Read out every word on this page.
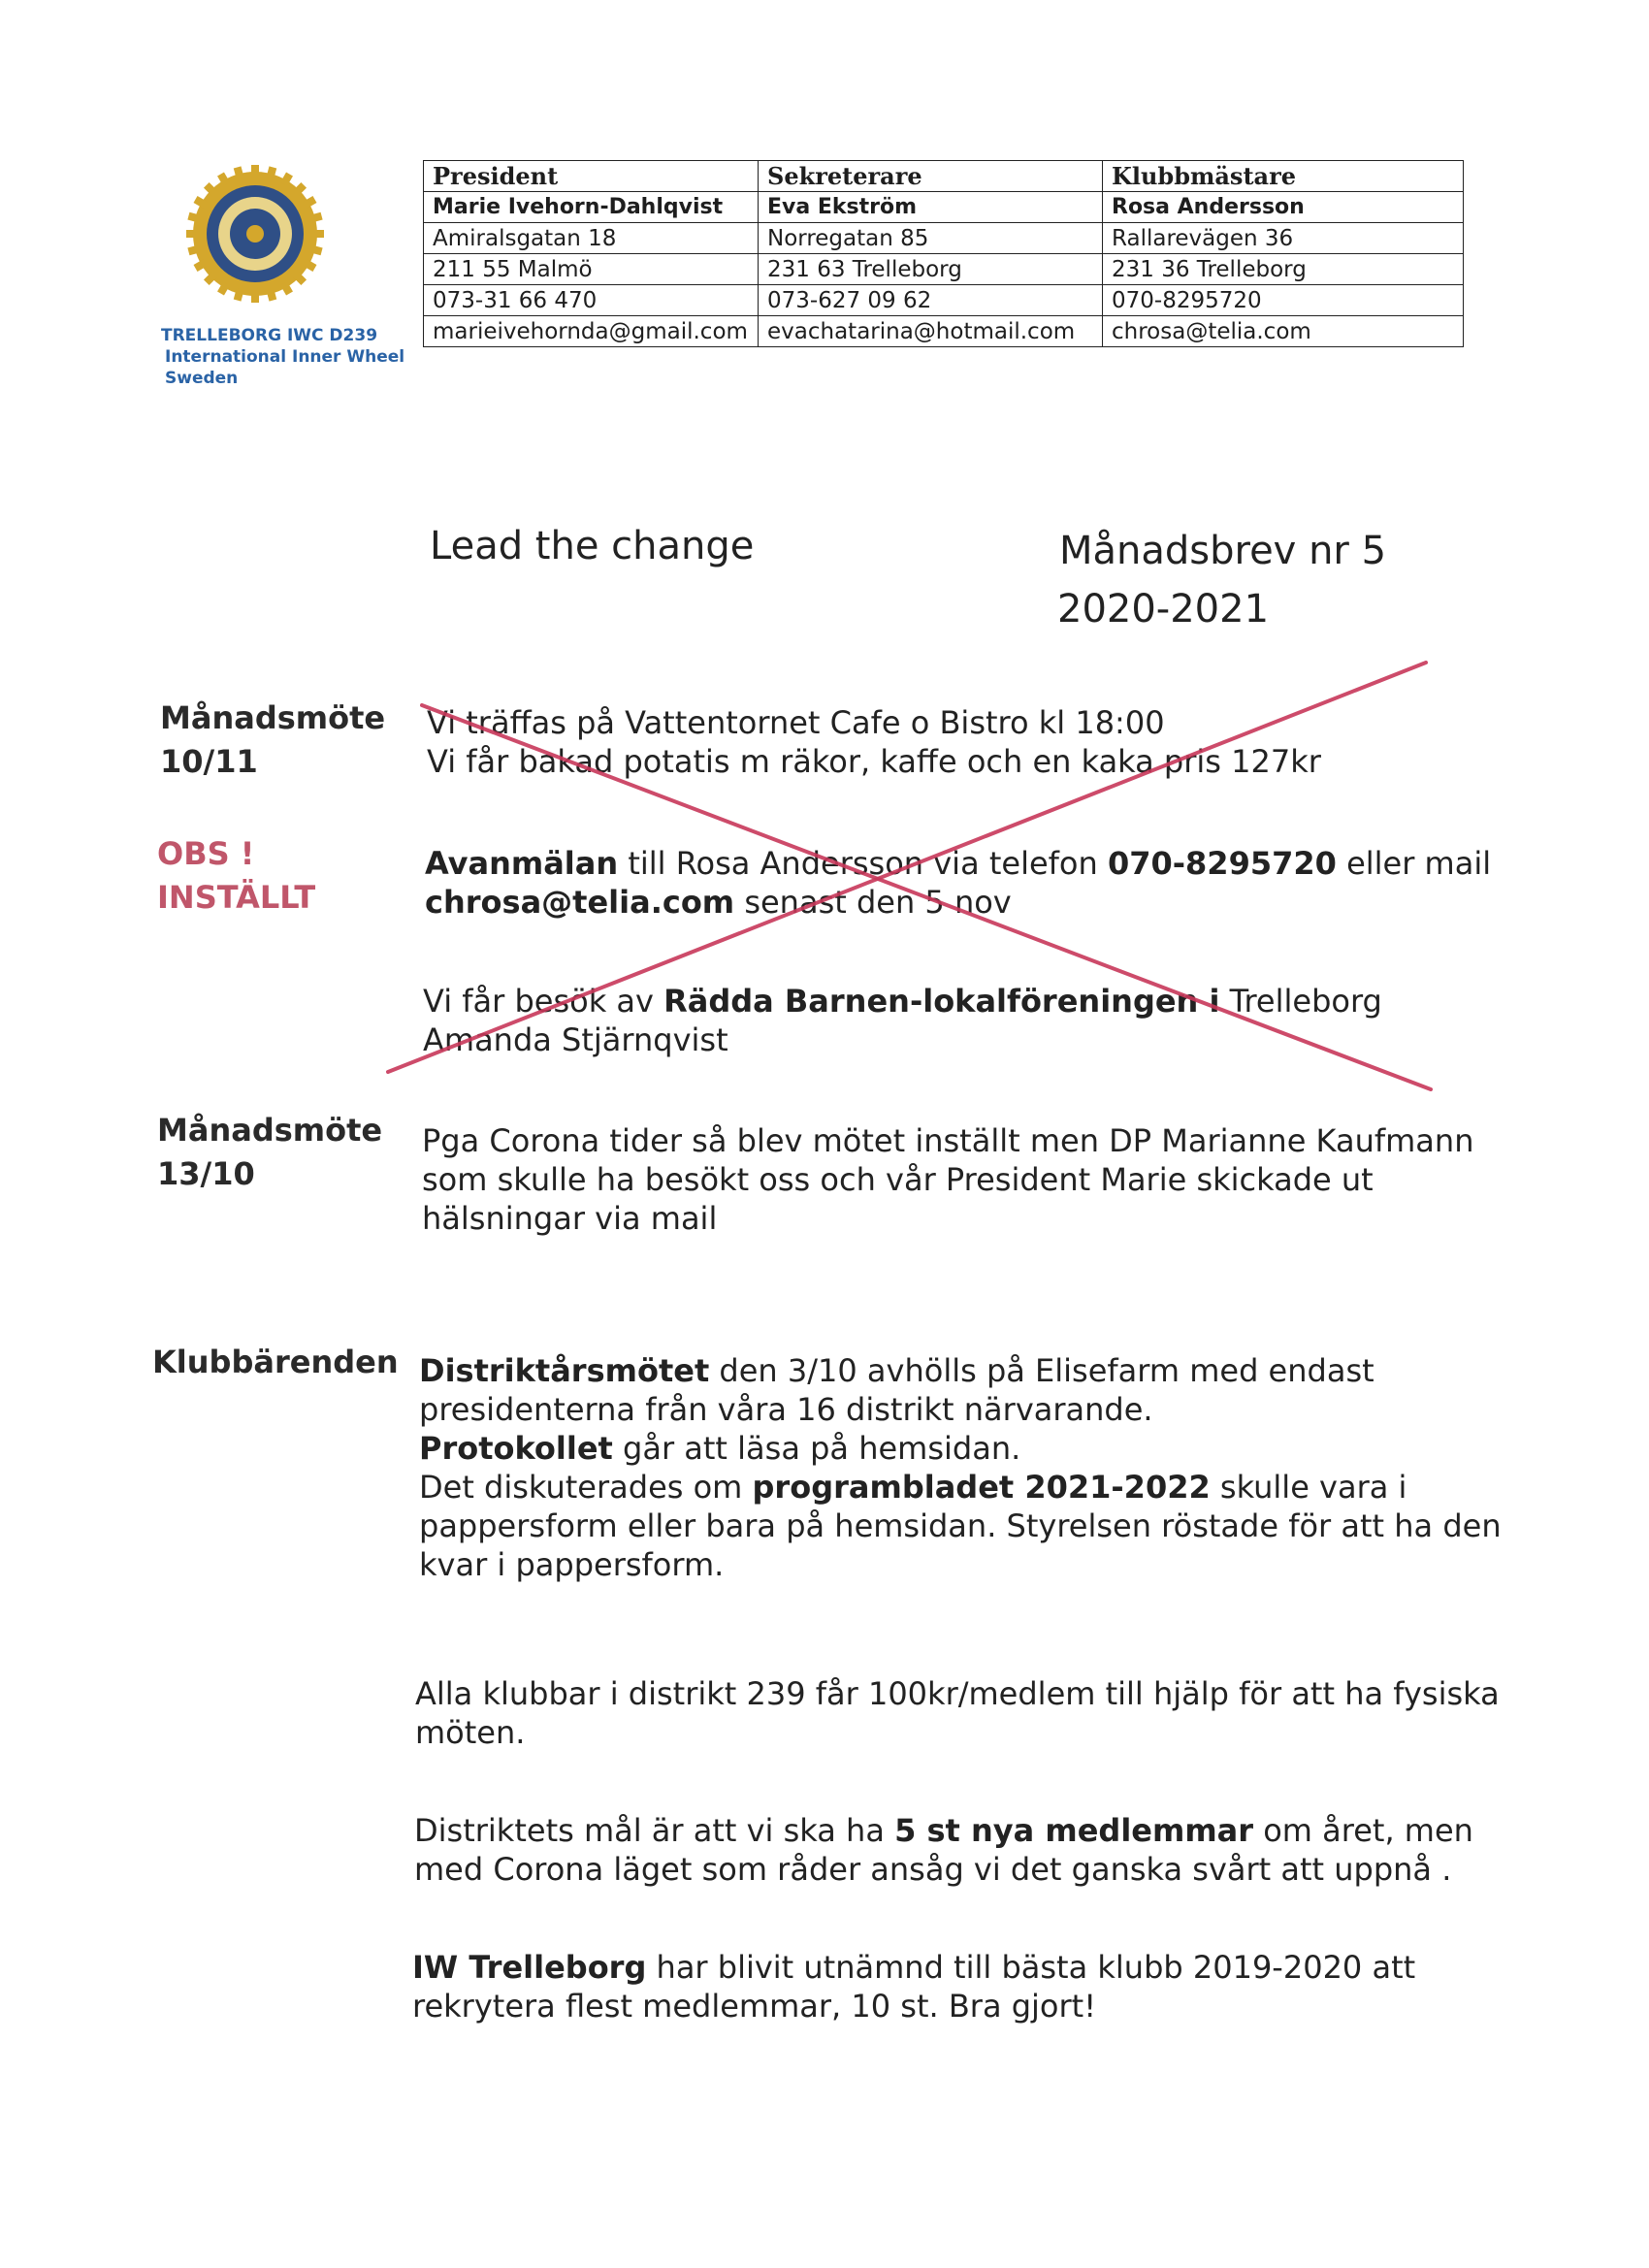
TRELLEBORG IWC D239
International Inner Wheel
Sweden
President	Sekreterare	Klubbmästare
Marie Ivehorn-Dahlqvist	Eva Ekström	Rosa Andersson
Amiralsgatan 18	Norregatan 85	Rallarevägen 36
211 55 Malmö	231 63 Trelleborg	231 36 Trelleborg
073-31 66 470	073-627 09 62	070-8295720
marieivehornda@gmail.com	evachatarina@hotmail.com	chrosa@telia.com
Lead the change	Månadsbrev nr 5
2020-2021
Månadsmöte
10/11
OBS !
INSTÄLLT
Vi träffas på Vattentornet Cafe o Bistro kl 18:00
Vi får bakad potatis m räkor, kaffe och en kaka pris 127kr
Avanmälan till Rosa Andersson via telefon 070-8295720 eller mail
chrosa@telia.com senast den 5 nov
Vi får besök av Rädda Barnen-lokalföreningen i Trelleborg
Amanda Stjärnqvist
Månadsmöte
13/10
Pga Corona tider så blev mötet inställt men DP Marianne Kaufmann
som skulle ha besökt oss och vår President Marie skickade ut
hälsningar via mail
Klubbärenden Distriktårsmötet den 3/10 avhölls på Elisefarm med endast
presidenterna från våra 16 distrikt närvarande.
Protokollet går att läsa på hemsidan.
Det diskuterades om programbladet 2021-2022 skulle vara i
pappersform eller bara på hemsidan. Styrelsen röstade för att ha den
kvar i pappersform.
Alla klubbar i distrikt 239 får 100kr/medlem till hjälp för att ha fysiska
möten.
Distriktets mål är att vi ska ha 5 st nya medlemmar om året, men
med Corona läget som råder ansåg vi det ganska svårt att uppnå .
IW Trelleborg har blivit utnämnd till bästa klubb 2019-2020 att
rekrytera flest medlemmar, 10 st. Bra gjort!
